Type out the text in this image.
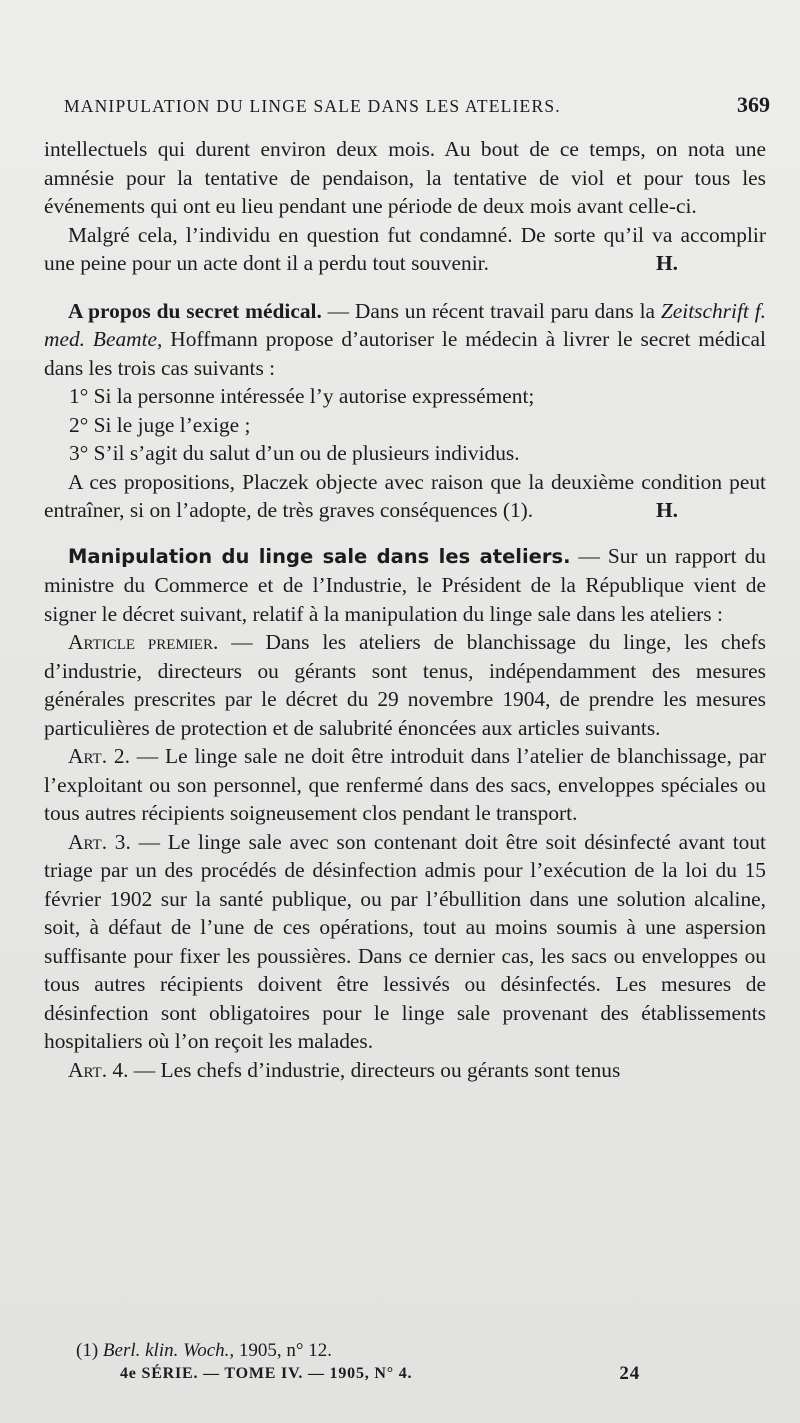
MANIPULATION DU LINGE SALE DANS LES ATELIERS.	369

intellectuels qui durent environ deux mois. Au bout de ce temps, on nota une amnésie pour la tentative de pendaison, la tentative de viol et pour tous les événements qui ont eu lieu pendant une période de deux mois avant celle-ci.

Malgré cela, l’individu en question fut condamné. De sorte qu’il va accomplir une peine pour un acte dont il a perdu tout souvenir.	H.

A propos du secret médical. — Dans un récent travail paru dans la Zeitschrift f. med. Beamte, Hoffmann propose d’autoriser le médecin à livrer le secret médical dans les trois cas suivants :

1° Si la personne intéressée l’y autorise expressément;

2° Si le juge l’exige ;

3° S’il s’agit du salut d’un ou de plusieurs individus.

A ces propositions, Placzek objecte avec raison que la deuxième condition peut entraîner, si on l’adopte, de très graves conséquences (1).	H.

Manipulation du linge sale dans les ateliers. — Sur un rapport du ministre du Commerce et de l’Industrie, le Président de la République vient de signer le décret suivant, relatif à la manipulation du linge sale dans les ateliers :

Article premier. — Dans les ateliers de blanchissage du linge, les chefs d’industrie, directeurs ou gérants sont tenus, indépendamment des mesures générales prescrites par le décret du 29 novembre 1904, de prendre les mesures particulières de protection et de salubrité énoncées aux articles suivants.

Art. 2. — Le linge sale ne doit être introduit dans l’atelier de blanchissage, par l’exploitant ou son personnel, que renfermé dans des sacs, enveloppes spéciales ou tous autres récipients soigneusement clos pendant le transport.

Art. 3. — Le linge sale avec son contenant doit être soit désinfecté avant tout triage par un des procédés de désinfection admis pour l’exécution de la loi du 15 février 1902 sur la santé publique, ou par l’ébullition dans une solution alcaline, soit, à défaut de l’une de ces opérations, tout au moins soumis à une aspersion suffisante pour fixer les poussières. Dans ce dernier cas, les sacs ou enveloppes ou tous autres récipients doivent être lessivés ou désinfectés. Les mesures de désinfection sont obligatoires pour le linge sale provenant des établissements hospitaliers où l’on reçoit les malades.

Art. 4. — Les chefs d’industrie, directeurs ou gérants sont tenus

(1) Berl. klin. Woch., 1905, n° 12.
4e SÉRIE. — TOME IV. — 1905, N° 4.	24
